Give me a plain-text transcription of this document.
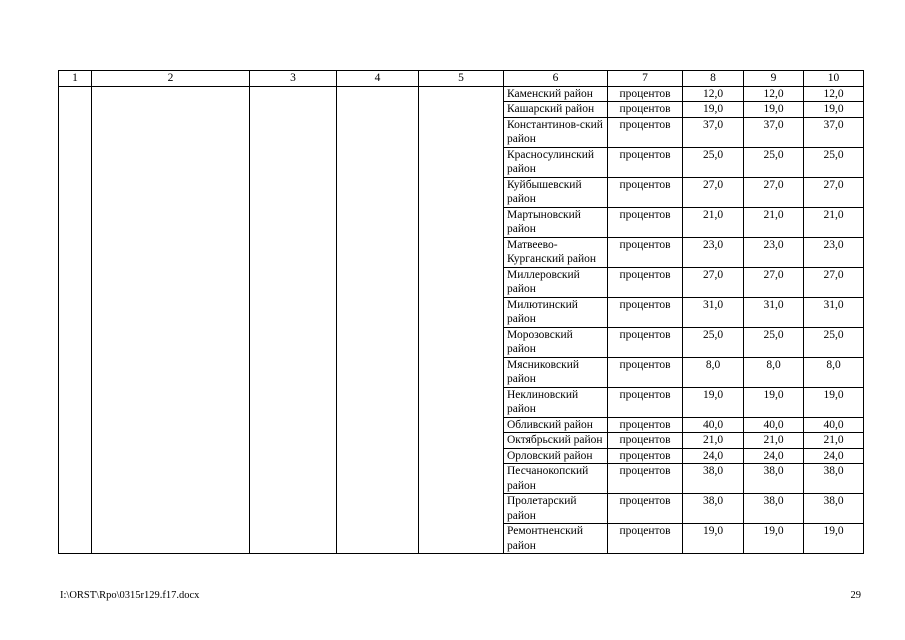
1	2	3	4	5	6	7	8	9	10
					Каменский район	процентов	12,0	12,0	12,0
					Кашарский район	процентов	19,0	19,0	19,0
					Константинов-ский район	процентов	37,0	37,0	37,0
					Красносулинский район	процентов	25,0	25,0	25,0
					Куйбышевский район	процентов	27,0	27,0	27,0
					Мартыновский район	процентов	21,0	21,0	21,0
					Матвеево-Курганский район	процентов	23,0	23,0	23,0
					Миллеровский район	процентов	27,0	27,0	27,0
					Милютинский район	процентов	31,0	31,0	31,0
					Морозовский район	процентов	25,0	25,0	25,0
					Мясниковский район	процентов	8,0	8,0	8,0
					Неклиновский район	процентов	19,0	19,0	19,0
					Обливский район	процентов	40,0	40,0	40,0
					Октябрьский район	процентов	21,0	21,0	21,0
					Орловский район	процентов	24,0	24,0	24,0
					Песчанокопский район	процентов	38,0	38,0	38,0
					Пролетарский район	процентов	38,0	38,0	38,0
					Ремонтненский район	процентов	19,0	19,0	19,0
I:\ORST\Rpo\0315r129.f17.docx	29
